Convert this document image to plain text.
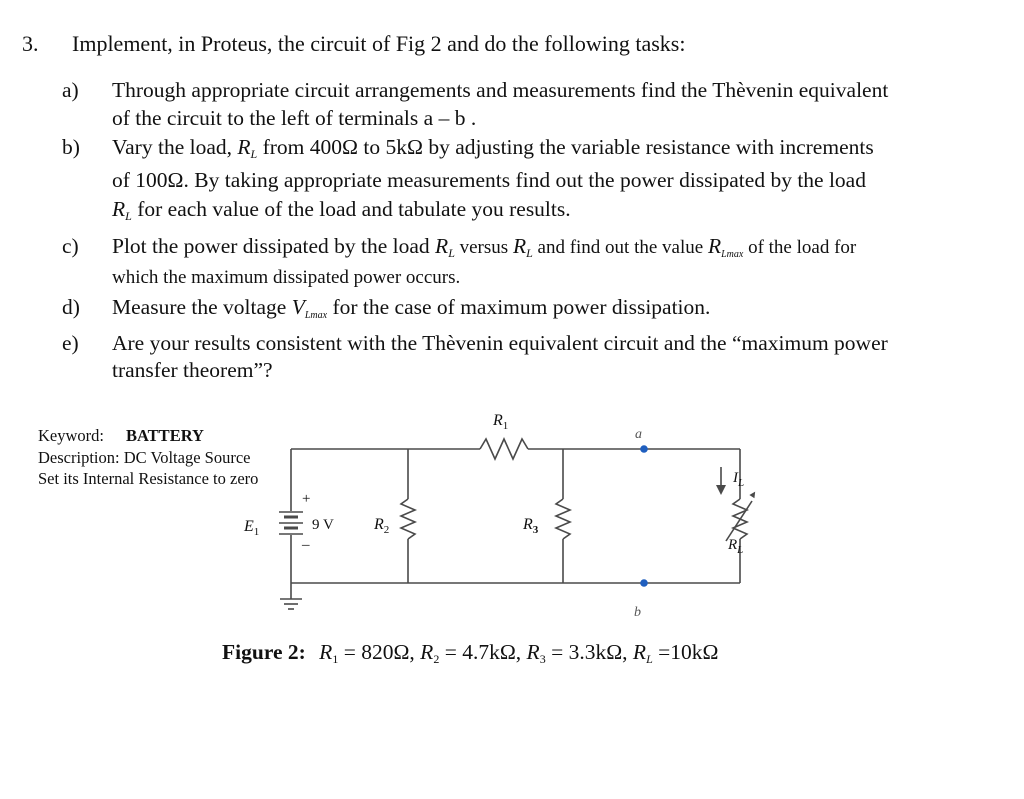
3. Implement, in Proteus, the circuit of Fig 2 and do the following tasks:
a)	Through appropriate circuit arrangements and measurements find the Thèvenin equivalent
of the circuit to the left of terminals a – b .
b)	Vary the load, $R_L$ from 400Ω to 5kΩ by adjusting the variable resistance with increments
of 100Ω. By taking appropriate measurements find out the power dissipated by the load
$R_L$ for each value of the load and tabulate you results.
c)	Plot the power dissipated by the load $R_L$ versus $R_L$ and find out the value $R_{Lmax}$ of the load for
which the maximum dissipated power occurs.
d)	Measure the voltage $V_{Lmax}$ for the case of maximum power dissipation.
e)	Are your results consistent with the Thèvenin equivalent circuit and the “maximum power
transfer theorem”?
Keyword: BATTERY
Description: DC Voltage Source
Set its Internal Resistance to zero
$R_1$
a
b
+
–
$E_1$	9 V	$R_2$	$R_3$
$I_L$
$R_L$
Figure 2: $R_1 = 820\Omega$, $R_2 = 4.7k\Omega$, $R_3 = 3.3k\Omega$, $R_L =10k\Omega$
